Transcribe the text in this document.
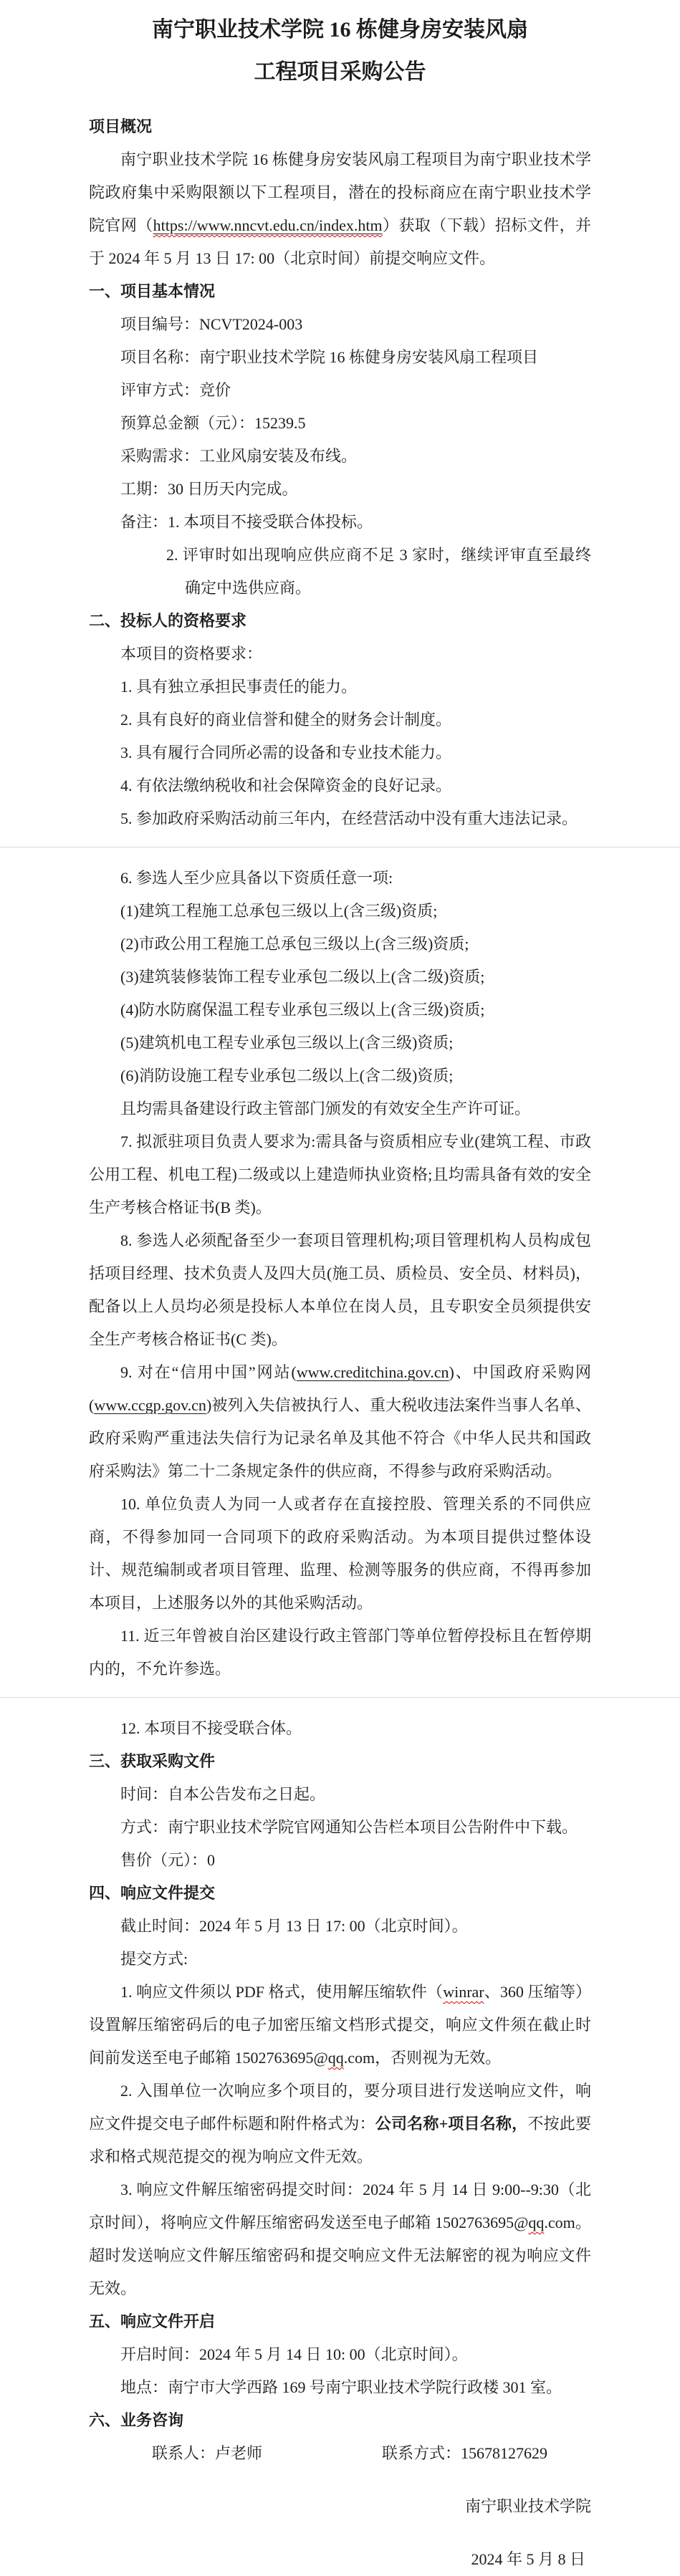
南宁职业技术学院 16 栋健身房安装风扇
工程项目采购公告

项目概况

南宁职业技术学院 16 栋健身房安装风扇工程项目为南宁职业技术学院政府集中采购限额以下工程项目，潜在的投标商应在南宁职业技术学院官网（https://www.nncvt.edu.cn/index.htm）获取（下载）招标文件，并于 2024 年 5 月 13 日 17: 00（北京时间）前提交响应文件。

一、项目基本情况

项目编号：NCVT2024-003

项目名称：南宁职业技术学院 16 栋健身房安装风扇工程项目

评审方式：竞价

预算总金额（元）：15239.5

采购需求：工业风扇安装及布线。

工期：30 日历天内完成。

备注：1. 本项目不接受联合体投标。

2. 评审时如出现响应供应商不足 3 家时，继续评审直至最终确定中选供应商。

二、投标人的资格要求

本项目的资格要求：

1. 具有独立承担民事责任的能力。

2. 具有良好的商业信誉和健全的财务会计制度。

3. 具有履行合同所必需的设备和专业技术能力。

4. 有依法缴纳税收和社会保障资金的良好记录。

5. 参加政府采购活动前三年内，在经营活动中没有重大违法记录。

6. 参选人至少应具备以下资质任意一项:

(1)建筑工程施工总承包三级以上(含三级)资质;

(2)市政公用工程施工总承包三级以上(含三级)资质;

(3)建筑装修装饰工程专业承包二级以上(含二级)资质;

(4)防水防腐保温工程专业承包三级以上(含三级)资质;

(5)建筑机电工程专业承包三级以上(含三级)资质;

(6)消防设施工程专业承包二级以上(含二级)资质;

且均需具备建设行政主管部门颁发的有效安全生产许可证。

7. 拟派驻项目负责人要求为:需具备与资质相应专业(建筑工程、市政公用工程、机电工程)二级或以上建造师执业资格;且均需具备有效的安全生产考核合格证书(B 类)。

8. 参选人必须配备至少一套项目管理机构;项目管理机构人员构成包括项目经理、技术负责人及四大员(施工员、质检员、安全员、材料员)，配备以上人员均必须是投标人本单位在岗人员，且专职安全员须提供安全生产考核合格证书(C 类)。

9. 对在“信用中国”网站(www.creditchina.gov.cn)、中国政府采购网(www.ccgp.gov.cn)被列入失信被执行人、重大税收违法案件当事人名单、政府采购严重违法失信行为记录名单及其他不符合《中华人民共和国政府采购法》第二十二条规定条件的供应商，不得参与政府采购活动。

10. 单位负责人为同一人或者存在直接控股、管理关系的不同供应商，不得参加同一合同项下的政府采购活动。为本项目提供过整体设计、规范编制或者项目管理、监理、检测等服务的供应商，不得再参加本项目，上述服务以外的其他采购活动。

11. 近三年曾被自治区建设行政主管部门等单位暂停投标且在暂停期内的，不允许参选。

12. 本项目不接受联合体。

三、获取采购文件

时间：自本公告发布之日起。

方式：南宁职业技术学院官网通知公告栏本项目公告附件中下载。

售价（元）：0

四、响应文件提交

截止时间：2024 年 5 月 13 日 17: 00（北京时间）。

提交方式:

1. 响应文件须以 PDF 格式，使用解压缩软件（winrar、360 压缩等）设置解压缩密码后的电子加密压缩文档形式提交，响应文件须在截止时间前发送至电子邮箱 1502763695@qq.com，否则视为无效。

2. 入围单位一次响应多个项目的，要分项目进行发送响应文件，响应文件提交电子邮件标题和附件格式为：公司名称+项目名称，不按此要求和格式规范提交的视为响应文件无效。

3. 响应文件解压缩密码提交时间：2024 年 5 月 14 日 9:00--9:30（北京时间），将响应文件解压缩密码发送至电子邮箱 1502763695@qq.com。超时发送响应文件解压缩密码和提交响应文件无法解密的视为响应文件无效。

五、响应文件开启

开启时间：2024 年 5 月 14 日 10: 00（北京时间）。

地点：南宁市大学西路 169 号南宁职业技术学院行政楼 301 室。

六、业务咨询

联系人：卢老师	联系方式：15678127629

南宁职业技术学院

2024 年 5 月 8 日
